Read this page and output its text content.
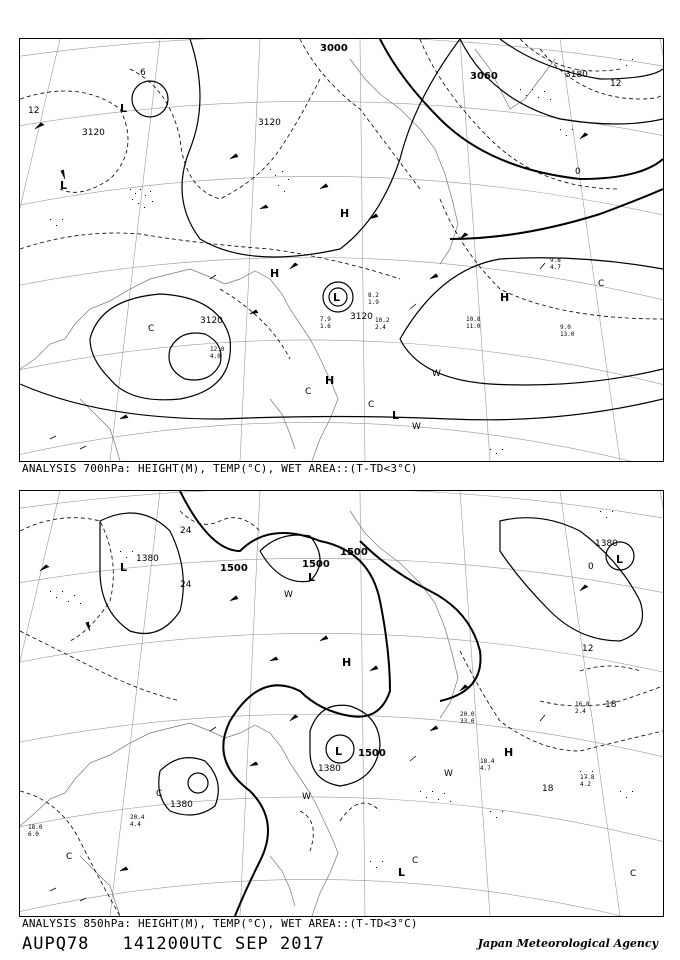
10.8
11.0	9.0
13.0
9.8
4.7
12.0
4.0
10.2
2.4
8.2
1.9
7.9
1.6
3000
3120
3120
3120	3120
3060	3180
12
12
0
6
L
L
L
H
H
H
H
L
W
W
C
C
C
C
ANALYSIS 700hPa: HEIGHT(M), TEMP(°C), WET AREA::(T-TD<3°C)
17.8
4.2
18.4
4.7
20.4
4.4
18.0
6.0
20.0
33.0
16.8
2.4
1500	1500
1500
1500
1380
1380
1380
1380
24
24
18
18
12
0
L
L
L
L
L
H
H
W
W
W
C
C	C
C
ANALYSIS 850hPa: HEIGHT(M), TEMP(°C), WET AREA::(T-TD<3°C)
AUPQ78 141200UTC SEP 2017	Japan Meteorological Agency
